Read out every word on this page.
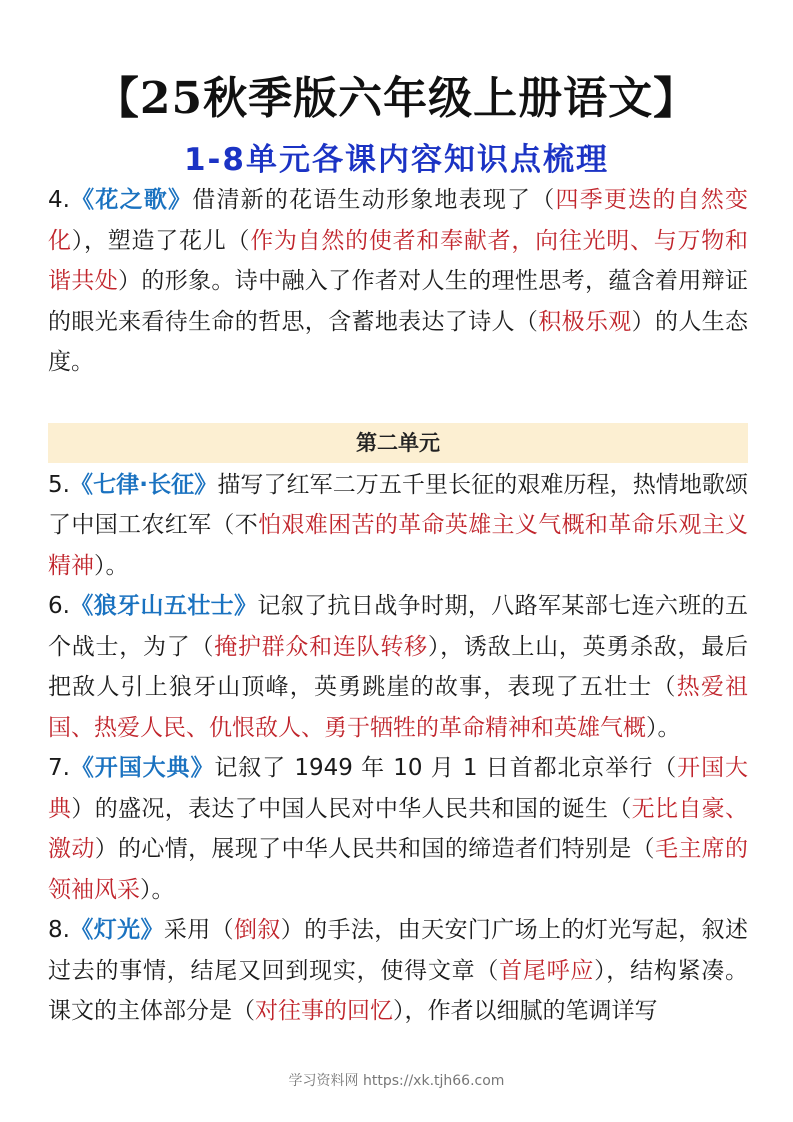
【25秋季版六年级上册语文】
1-8单元各课内容知识点梳理

4.《花之歌》借清新的花语生动形象地表现了（四季更迭的自然变化），塑造了花儿（作为自然的使者和奉献者，向往光明、与万物和谐共处）的形象。诗中融入了作者对人生的理性思考，蕴含着用辩证的眼光来看待生命的哲思，含蓄地表达了诗人（积极乐观）的人生态度。

第二单元

5.《七律·长征》描写了红军二万五千里长征的艰难历程，热情地歌颂了中国工农红军（不怕艰难困苦的革命英雄主义气概和革命乐观主义精神）。

6.《狼牙山五壮士》记叙了抗日战争时期，八路军某部七连六班的五个战士，为了（掩护群众和连队转移），诱敌上山，英勇杀敌，最后把敌人引上狼牙山顶峰，英勇跳崖的故事，表现了五壮士（热爱祖国、热爱人民、仇恨敌人、勇于牺牲的革命精神和英雄气概）。

7.《开国大典》记叙了 1949 年 10 月 1 日首都北京举行（开国大典）的盛况，表达了中国人民对中华人民共和国的诞生（无比自豪、激动）的心情，展现了中华人民共和国的缔造者们特别是（毛主席的领袖风采）。

8.《灯光》采用（倒叙）的手法，由天安门广场上的灯光写起，叙述过去的事情，结尾又回到现实，使得文章（首尾呼应），结构紧凑。课文的主体部分是（对往事的回忆），作者以细腻的笔调详写

学习资料网 https://xk.tjh66.com
